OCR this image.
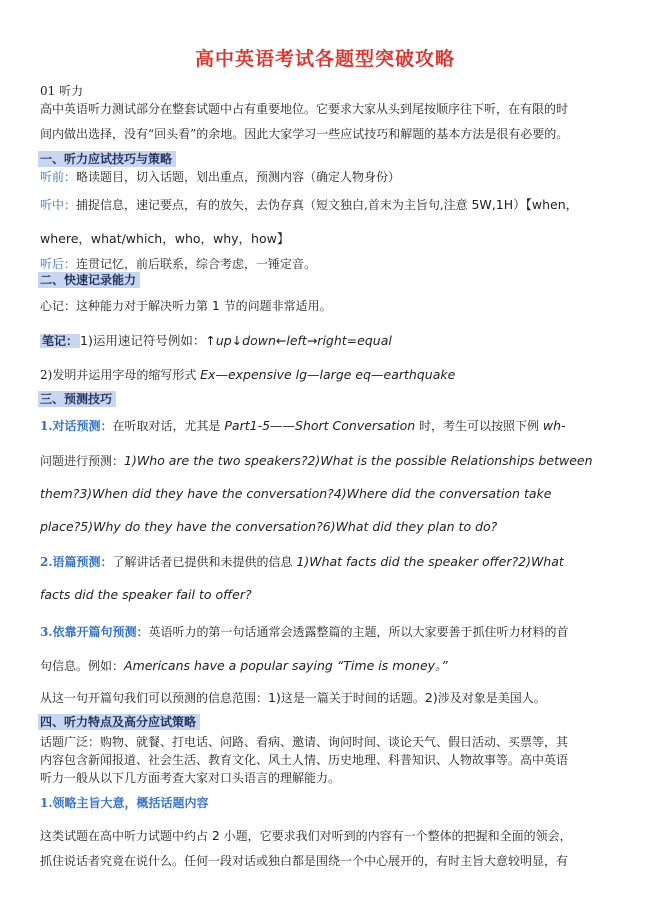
高中英语考试各题型突破攻略
01 听力
高中英语听力测试部分在整套试题中占有重要地位。它要求大家从头到尾按顺序往下听，在有限的时
间内做出选择，没有“回头看”的余地。因此大家学习一些应试技巧和解题的基本方法是很有必要的。
一、听力应试技巧与策略
听前：略读题目，切入话题，划出重点，预测内容（确定人物身份）
听中：捕捉信息，速记要点，有的放矢，去伪存真（短文独白,首末为主旨句,注意 5W,1H）【when，
where，what/which，who，why，how】
听后：连贯记忆，前后联系，综合考虑，一锤定音。
二、快速记录能力
心记：这种能力对于解决听力第 1 节的问题非常适用。
笔记： 1)运用速记符号例如：↑up↓down←left→right=equal
2)发明并运用字母的缩写形式 Ex—expensive lg—large eq—earthquake
三、预测技巧
1.对话预测：在听取对话，尤其是 Part1-5——Short Conversation 时，考生可以按照下例 wh-
问题进行预测：1)Who are the two speakers?2)What is the possible Relationships between
them?3)When did they have the conversation?4)Where did the conversation take
place?5)Why do they have the conversation?6)What did they plan to do?
2.语篇预测：了解讲话者已提供和未提供的信息 1)What facts did the speaker offer?2)What
facts did the speaker fail to offer?
3.依靠开篇句预测：英语听力的第一句话通常会透露整篇的主题，所以大家要善于抓住听力材料的首
句信息。例如：Americans have a popular saying “Time is money。”
从这一句开篇句我们可以预测的信息范围：1)这是一篇关于时间的话题。2)涉及对象是美国人。
四、听力特点及高分应试策略
话题广泛：购物、就餐、打电话、问路、看病、邀请、询问时间、谈论天气、假日活动、买票等，其
内容包含新闻报道、社会生活、教育文化、风土人情、历史地理、科普知识、人物故事等。高中英语
听力一般从以下几方面考查大家对口头语言的理解能力。
1.领略主旨大意，概括话题内容
这类试题在高中听力试题中约占 2 小题，它要求我们对听到的内容有一个整体的把握和全面的领会，
抓住说话者究竟在说什么。任何一段对话或独白都是围绕一个中心展开的，有时主旨大意较明显，有
